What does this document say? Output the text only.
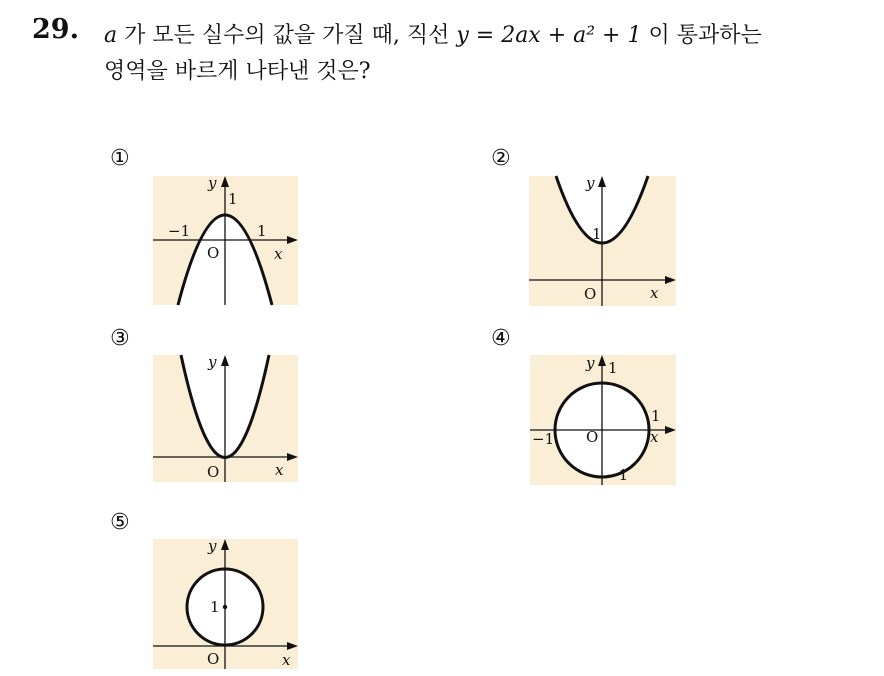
29. a 가 모든 실수의 값을 가질 때, 직선 y = 2ax + a² + 1 이 통과하는
영역을 바르게 나타낸 것은?
①
y
x
O
1
−1	1
②
y
x
O
1
③
y
x
O
④
y
x
O
1
−1
−1
1
⑤
y
x
O
1
